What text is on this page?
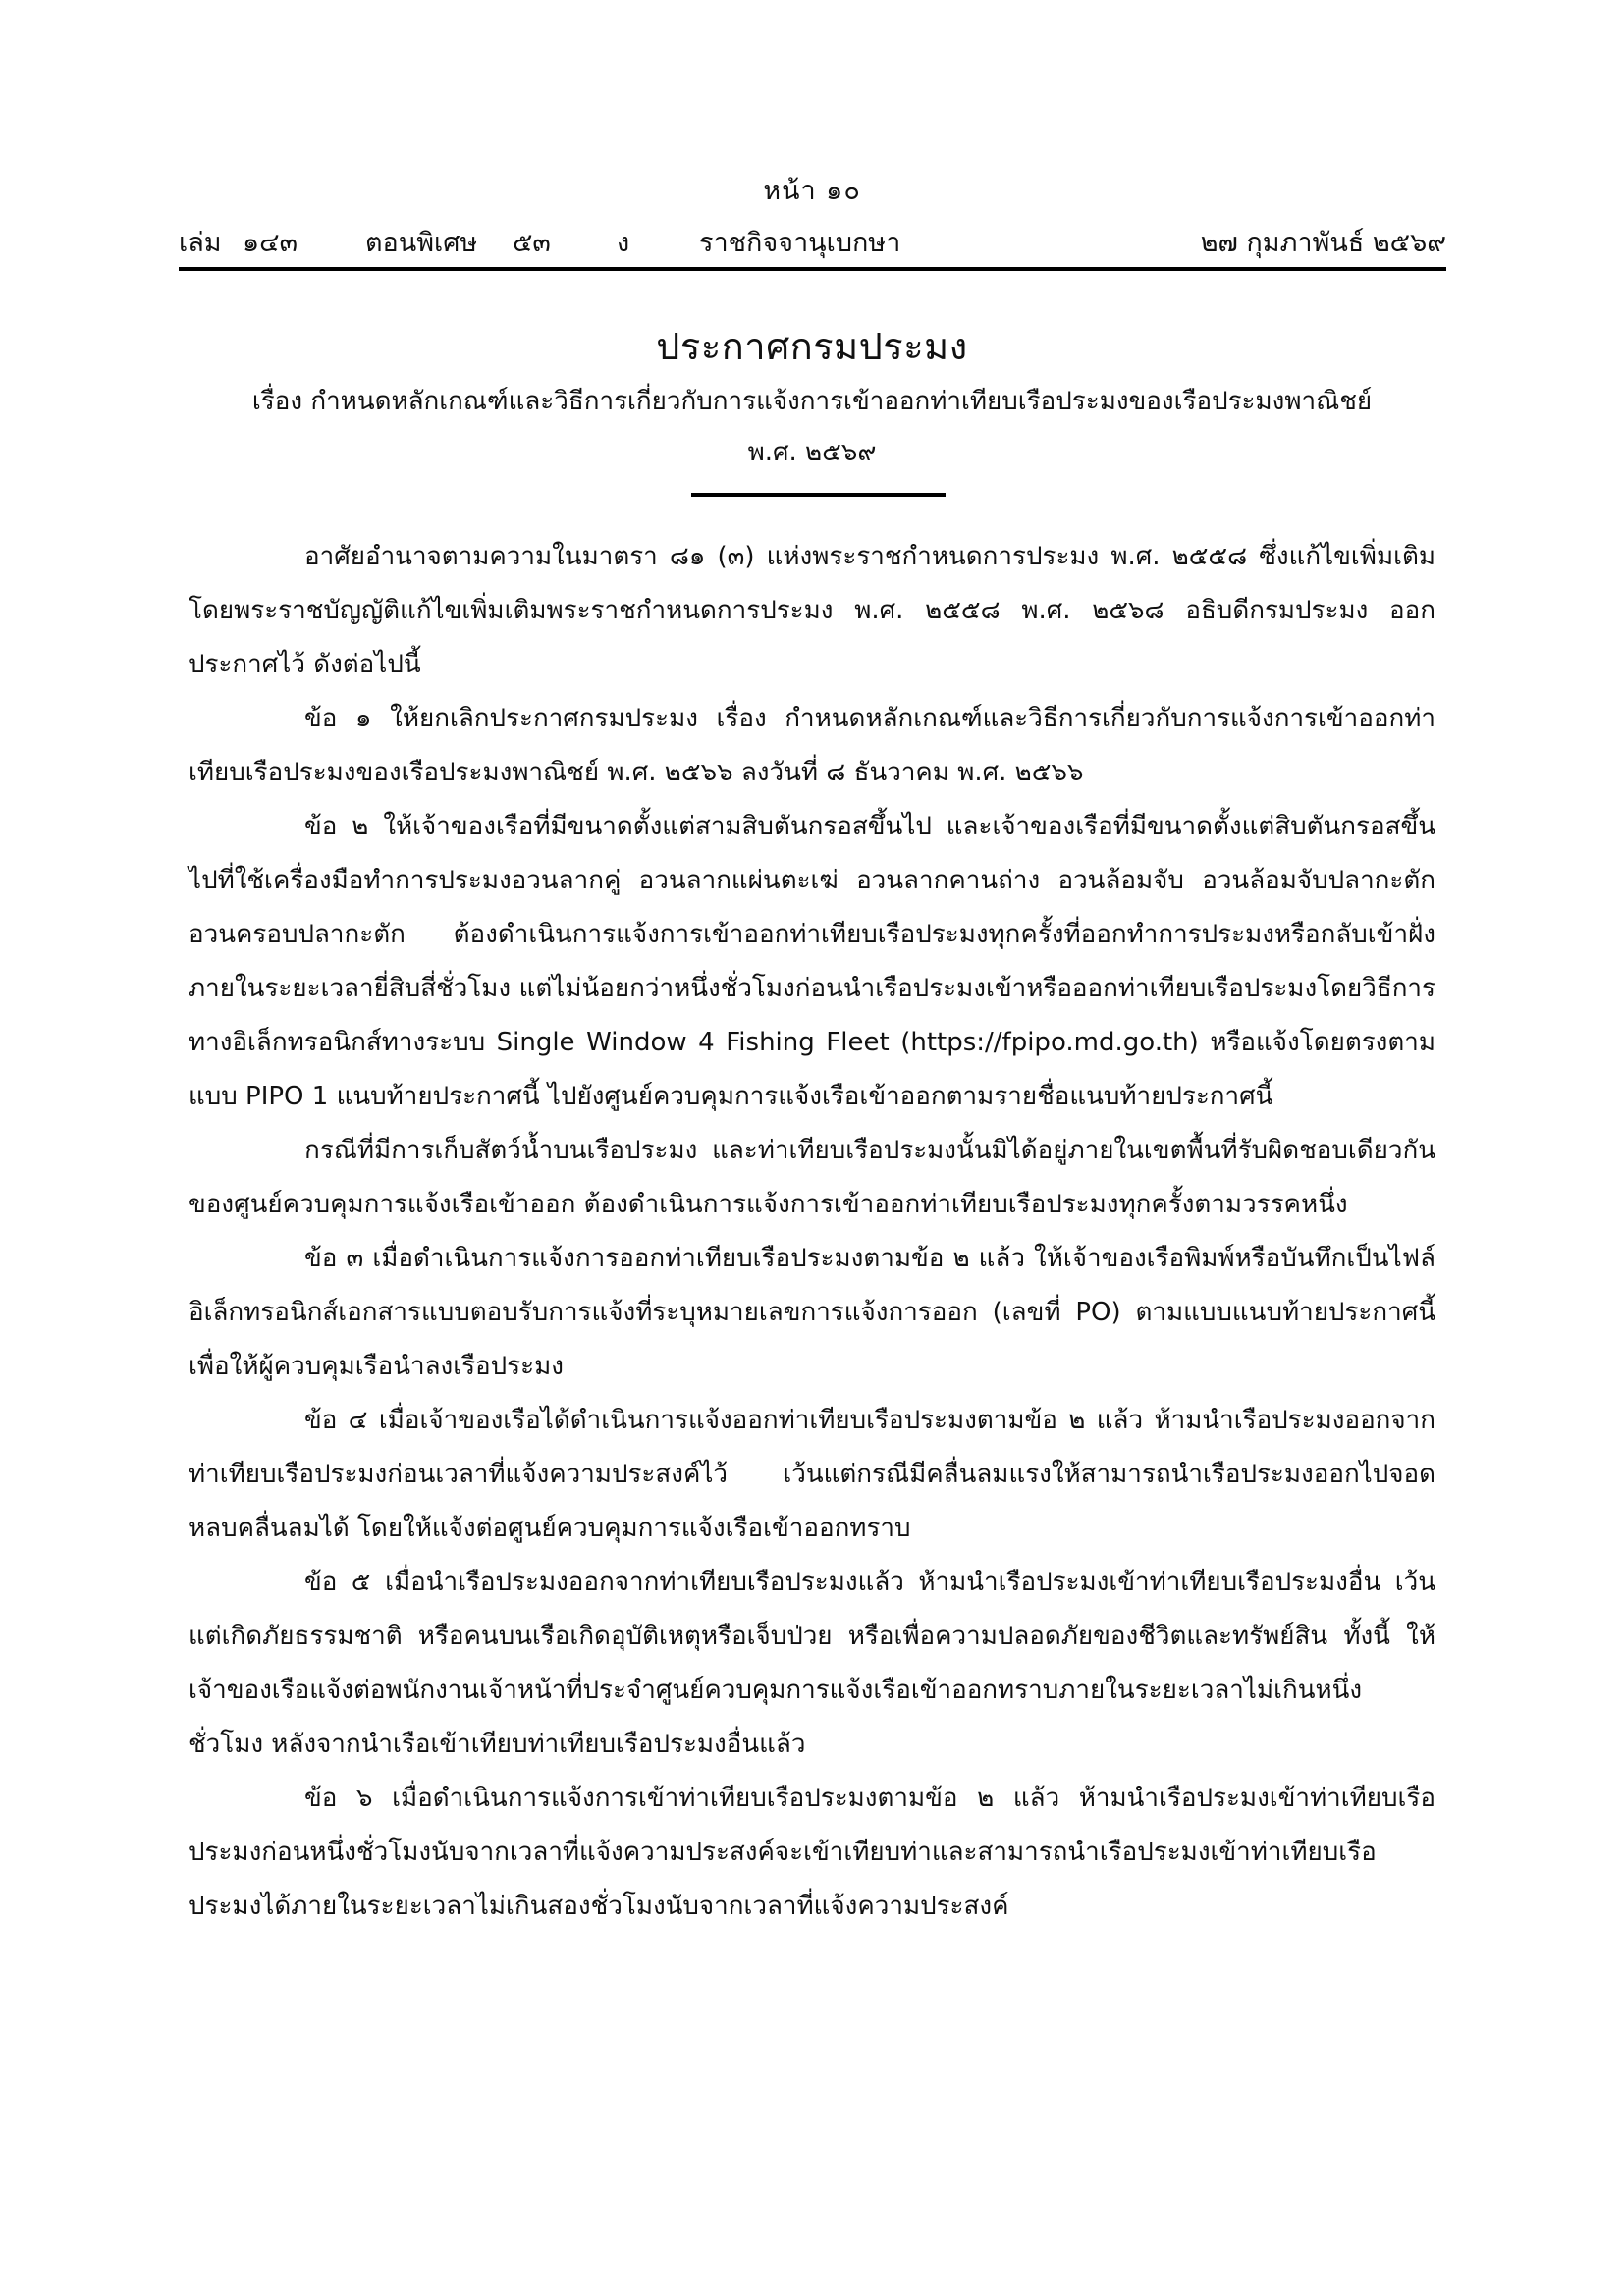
หน้า ๑๐
เล่ม ๑๔๓	ตอนพิเศษ ๕๓ ง	ราชกิจจานุเบกษา	๒๗ กุมภาพันธ์ ๒๕๖๙
ประกาศกรมประมง
เรื่อง กำหนดหลักเกณฑ์และวิธีการเกี่ยวกับการแจ้งการเข้าออกท่าเทียบเรือประมงของเรือประมงพาณิชย์
พ.ศ. ๒๕๖๙

อาศัยอำนาจตามความในมาตรา ๘๑ (๓) แห่งพระราชกำหนดการประมง พ.ศ. ๒๕๕๘ ซึ่งแก้ไขเพิ่มเติมโดยพระราชบัญญัติแก้ไขเพิ่มเติมพระราชกำหนดการประมง พ.ศ. ๒๕๕๘ พ.ศ. ๒๕๖๘ อธิบดีกรมประมง ออกประกาศไว้ ดังต่อไปนี้

ข้อ ๑ ให้ยกเลิกประกาศกรมประมง เรื่อง กำหนดหลักเกณฑ์และวิธีการเกี่ยวกับการแจ้งการเข้าออกท่าเทียบเรือประมงของเรือประมงพาณิชย์ พ.ศ. ๒๕๖๖ ลงวันที่ ๘ ธันวาคม พ.ศ. ๒๕๖๖

ข้อ ๒ ให้เจ้าของเรือที่มีขนาดตั้งแต่สามสิบตันกรอสขึ้นไป และเจ้าของเรือที่มีขนาดตั้งแต่สิบตันกรอสขึ้นไปที่ใช้เครื่องมือทำการประมงอวนลากคู่ อวนลากแผ่นตะเฆ่ อวนลากคานถ่าง อวนล้อมจับ อวนล้อมจับปลากะตัก อวนครอบปลากะตัก ต้องดำเนินการแจ้งการเข้าออกท่าเทียบเรือประมงทุกครั้งที่ออกทำการประมงหรือกลับเข้าฝั่งภายในระยะเวลายี่สิบสี่ชั่วโมง แต่ไม่น้อยกว่าหนึ่งชั่วโมงก่อนนำเรือประมงเข้าหรือออกท่าเทียบเรือประมงโดยวิธีการทางอิเล็กทรอนิกส์ทางระบบ Single Window 4 Fishing Fleet (https://fpipo.md.go.th) หรือแจ้งโดยตรงตามแบบ PIPO 1 แนบท้ายประกาศนี้ ไปยังศูนย์ควบคุมการแจ้งเรือเข้าออกตามรายชื่อแนบท้ายประกาศนี้

กรณีที่มีการเก็บสัตว์น้ำบนเรือประมง และท่าเทียบเรือประมงนั้นมิได้อยู่ภายในเขตพื้นที่รับผิดชอบเดียวกันของศูนย์ควบคุมการแจ้งเรือเข้าออก ต้องดำเนินการแจ้งการเข้าออกท่าเทียบเรือประมงทุกครั้งตามวรรคหนึ่ง

ข้อ ๓ เมื่อดำเนินการแจ้งการออกท่าเทียบเรือประมงตามข้อ ๒ แล้ว ให้เจ้าของเรือพิมพ์หรือบันทึกเป็นไฟล์อิเล็กทรอนิกส์เอกสารแบบตอบรับการแจ้งที่ระบุหมายเลขการแจ้งการออก (เลขที่ PO) ตามแบบแนบท้ายประกาศนี้ เพื่อให้ผู้ควบคุมเรือนำลงเรือประมง

ข้อ ๔ เมื่อเจ้าของเรือได้ดำเนินการแจ้งออกท่าเทียบเรือประมงตามข้อ ๒ แล้ว ห้ามนำเรือประมงออกจากท่าเทียบเรือประมงก่อนเวลาที่แจ้งความประสงค์ไว้ เว้นแต่กรณีมีคลื่นลมแรงให้สามารถนำเรือประมงออกไปจอดหลบคลื่นลมได้ โดยให้แจ้งต่อศูนย์ควบคุมการแจ้งเรือเข้าออกทราบ

ข้อ ๕ เมื่อนำเรือประมงออกจากท่าเทียบเรือประมงแล้ว ห้ามนำเรือประมงเข้าท่าเทียบเรือประมงอื่น เว้นแต่เกิดภัยธรรมชาติ หรือคนบนเรือเกิดอุบัติเหตุหรือเจ็บป่วย หรือเพื่อความปลอดภัยของชีวิตและทรัพย์สิน ทั้งนี้ ให้เจ้าของเรือแจ้งต่อพนักงานเจ้าหน้าที่ประจำศูนย์ควบคุมการแจ้งเรือเข้าออกทราบภายในระยะเวลาไม่เกินหนึ่งชั่วโมง หลังจากนำเรือเข้าเทียบท่าเทียบเรือประมงอื่นแล้ว

ข้อ ๖ เมื่อดำเนินการแจ้งการเข้าท่าเทียบเรือประมงตามข้อ ๒ แล้ว ห้ามนำเรือประมงเข้าท่าเทียบเรือประมงก่อนหนึ่งชั่วโมงนับจากเวลาที่แจ้งความประสงค์จะเข้าเทียบท่าและสามารถนำเรือประมงเข้าท่าเทียบเรือประมงได้ภายในระยะเวลาไม่เกินสองชั่วโมงนับจากเวลาที่แจ้งความประสงค์
